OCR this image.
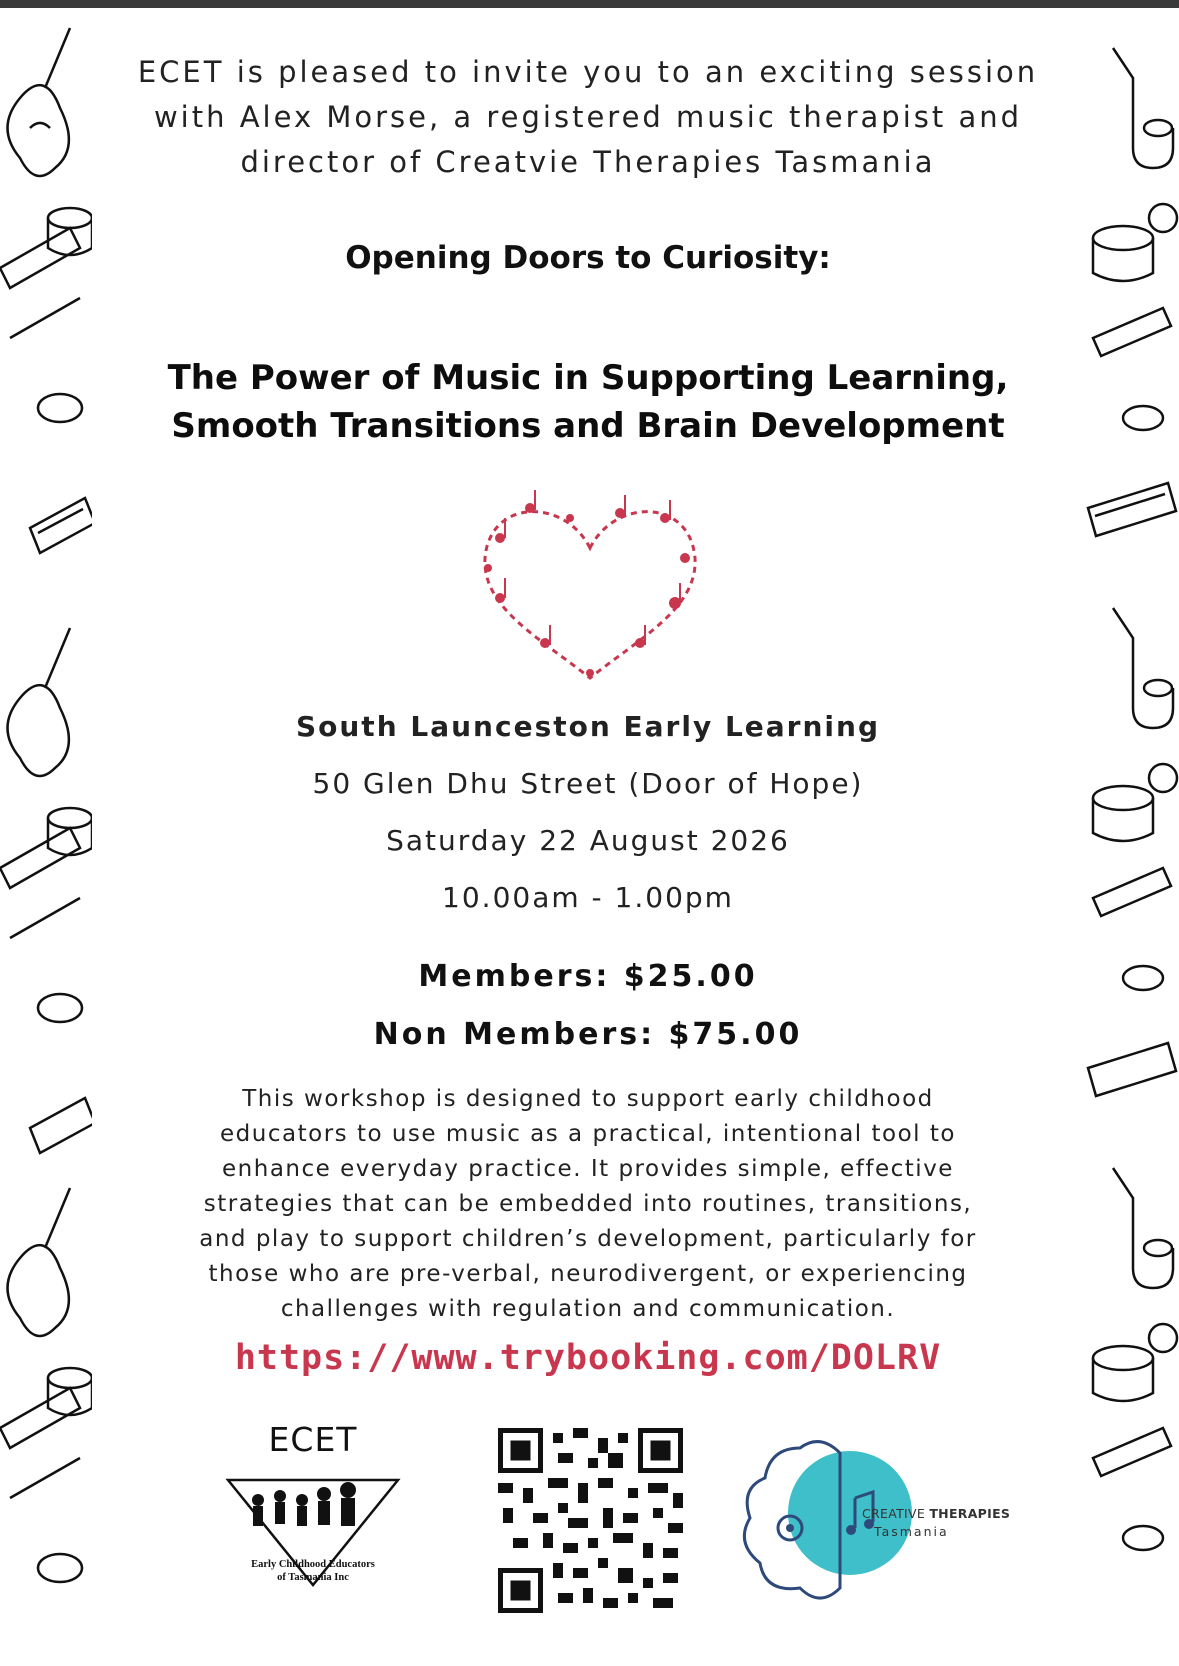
ECET is pleased to invite you to an exciting session
with Alex Morse, a registered music therapist and
director of Creatvie Therapies Tasmania
Opening Doors to Curiosity:
The Power of Music in Supporting Learning,
Smooth Transitions and Brain Development
South Launceston Early Learning
50 Glen Dhu Street (Door of Hope)
Saturday 22 August 2026
10.00am - 1.00pm
Members: $25.00
Non Members: $75.00
This workshop is designed to support early childhood
educators to use music as a practical, intentional tool to
enhance everyday practice. It provides simple, effective
strategies that can be embedded into routines, transitions,
and play to support children’s development, particularly for
those who are pre-verbal, neurodivergent, or experiencing
challenges with regulation and communication.
https://www.trybooking.com/DOLRV
ECET
Early Childhood Educators
of Tasmania Inc
CREATIVE THERAPIES
Tasmania
